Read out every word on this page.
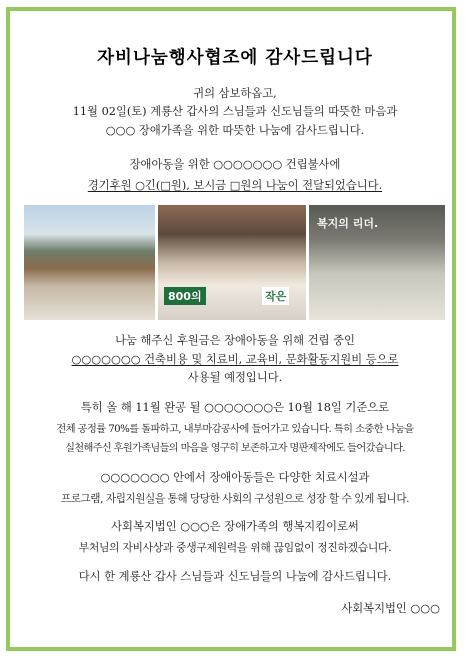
자비나눔행사협조에 감사드립니다
귀의 삼보하옵고,
11월 02일(토) 계룡산 갑사의 스님들과 신도님들의 따뜻한 마음과
○○○ 장애가족을 위한 따뜻한 나눔에 감사드립니다.
장애아동을 위한 ○○○○○○○ 건립불사에
경기후원 ○긴(□원), 보시금 □원의 나눔이 전달되었습니다.
800의	작은
복지의 리더.
나눔 해주신 후원금은 장애아동을 위해 건립 중인
○○○○○○○ 건축비용 및 치료비, 교육비, 문화활동지원비 등으로
사용될 예정입니다.
특히 올 해 11월 완공 될 ○○○○○○○은 10월 18일 기준으로
전체 공정률 70%를 돌파하고, 내부마감공사에 들어가고 있습니다. 특히 소중한 나눔을
실천해주신 후원가족님들의 마음을 영구히 보존하고자 명판제작에도 들어갔습니다.
○○○○○○○ 안에서 장애아동들은 다양한 치료시설과
프로그램, 자립지원실을 통해 당당한 사회의 구성원으로 성장 할 수 있게 됩니다.
사회복지법인 ○○○은 장애가족의 행복지킴이로써
부처님의 자비사상과 중생구제원력을 위해 끊임없이 정진하겠습니다.
다시 한 계룡산 갑사 스님들과 신도님들의 나눔에 감사드립니다.
사회복지법인 ○○○
